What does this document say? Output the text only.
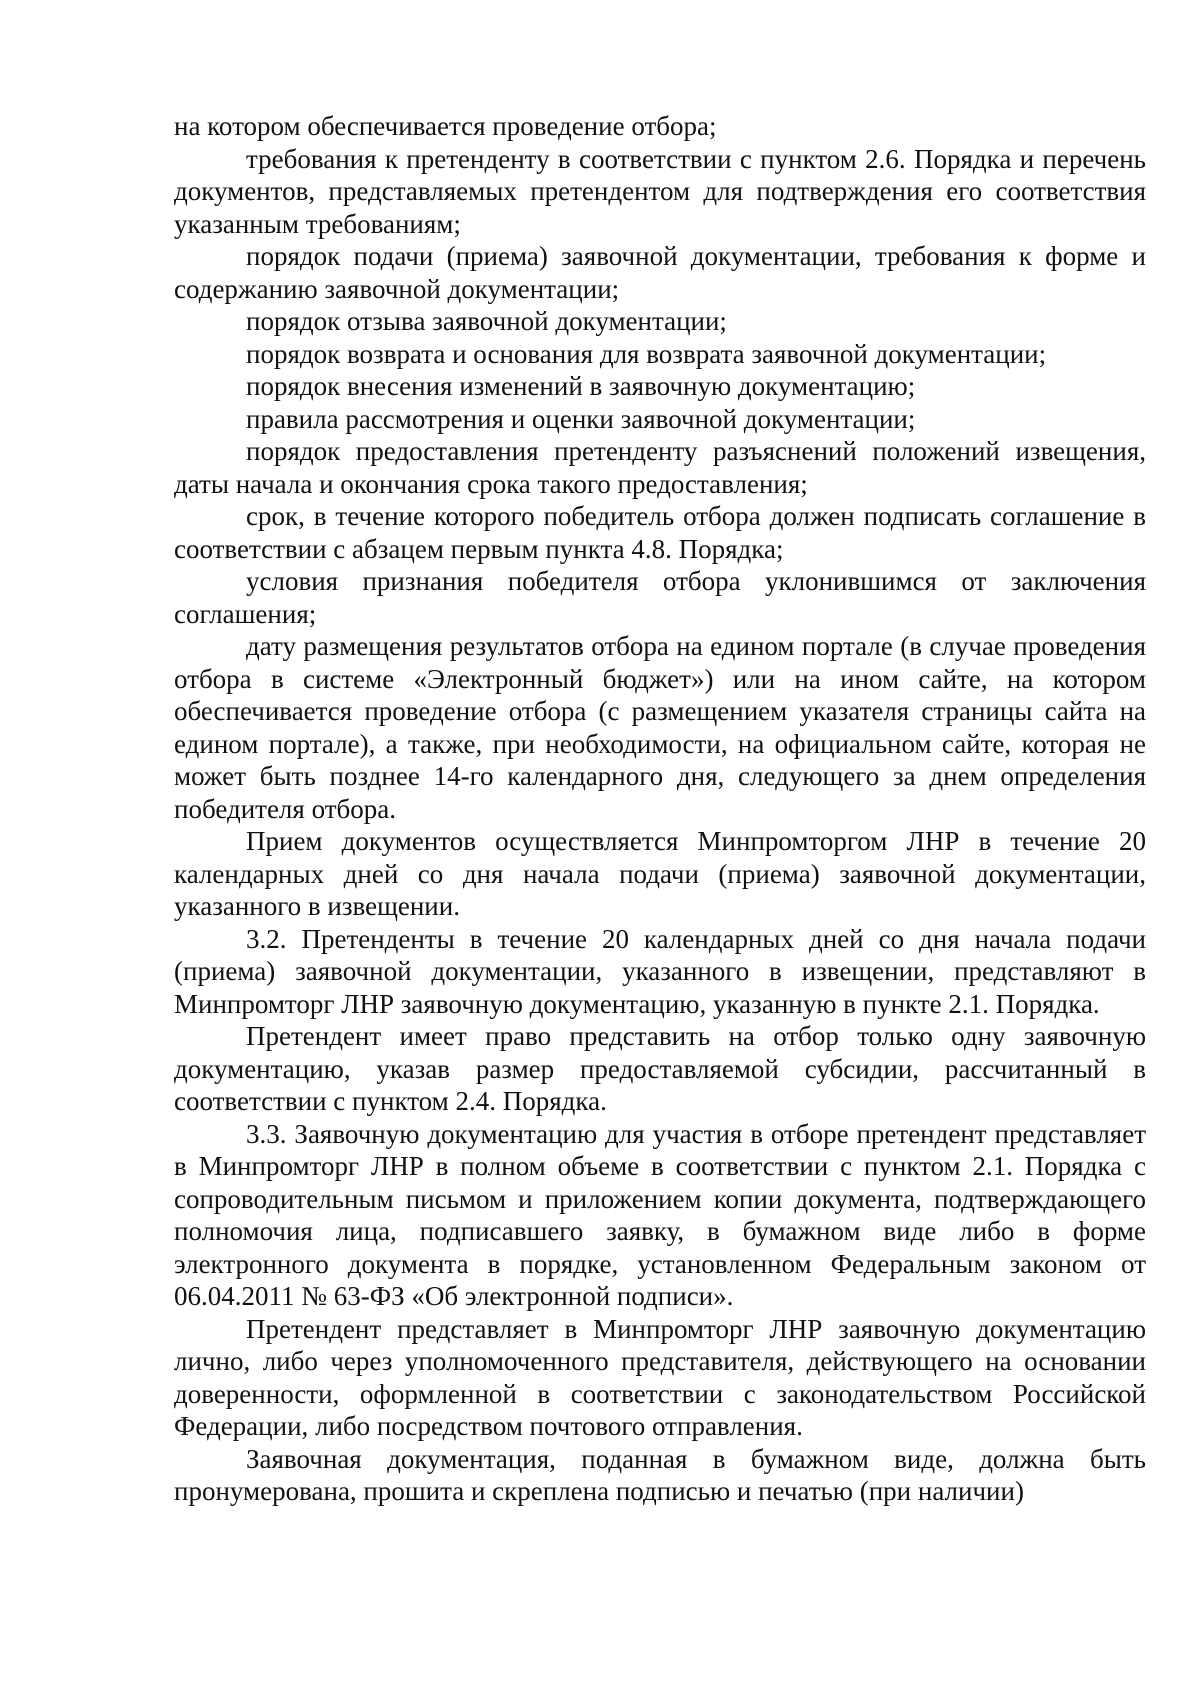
на котором обеспечивается проведение отбора;

требования к претенденту в соответствии с пунктом 2.6. Порядка и перечень документов, представляемых претендентом для подтверждения его соответствия указанным требованиям;

порядок подачи (приема) заявочной документации, требования к форме и содержанию заявочной документации;

порядок отзыва заявочной документации;

порядок возврата и основания для возврата заявочной документации;

порядок внесения изменений в заявочную документацию;

правила рассмотрения и оценки заявочной документации;

порядок предоставления претенденту разъяснений положений извещения, даты начала и окончания срока такого предоставления;

срок, в течение которого победитель отбора должен подписать соглашение в соответствии с абзацем первым пункта 4.8. Порядка;

условия признания победителя отбора уклонившимся от заключения соглашения;

дату размещения результатов отбора на едином портале (в случае проведения отбора в системе «Электронный бюджет») или на ином сайте, на котором обеспечивается проведение отбора (с размещением указателя страницы сайта на едином портале), а также, при необходимости, на официальном сайте, которая не может быть позднее 14-го календарного дня, следующего за днем определения победителя отбора.

Прием документов осуществляется Минпромторгом ЛНР в течение 20 календарных дней со дня начала подачи (приема) заявочной документации, указанного в извещении.

3.2. Претенденты в течение 20 календарных дней со дня начала подачи (приема) заявочной документации, указанного в извещении, представляют в Минпромторг ЛНР заявочную документацию, указанную в пункте 2.1. Порядка.

Претендент имеет право представить на отбор только одну заявочную документацию, указав размер предоставляемой субсидии, рассчитанный в соответствии с пунктом 2.4. Порядка.

3.3. Заявочную документацию для участия в отборе претендент представляет в Минпромторг ЛНР в полном объеме в соответствии с пунктом 2.1. Порядка с сопроводительным письмом и приложением копии документа, подтверждающего полномочия лица, подписавшего заявку, в бумажном виде либо в форме электронного документа в порядке, установленном Федеральным законом от 06.04.2011 № 63-ФЗ «Об электронной подписи».

Претендент представляет в Минпромторг ЛНР заявочную документацию лично, либо через уполномоченного представителя, действующего на основании доверенности, оформленной в соответствии с законодательством Российской Федерации, либо посредством почтового отправления.

Заявочная документация, поданная в бумажном виде, должна быть пронумерована, прошита и скреплена подписью и печатью (при наличии)
